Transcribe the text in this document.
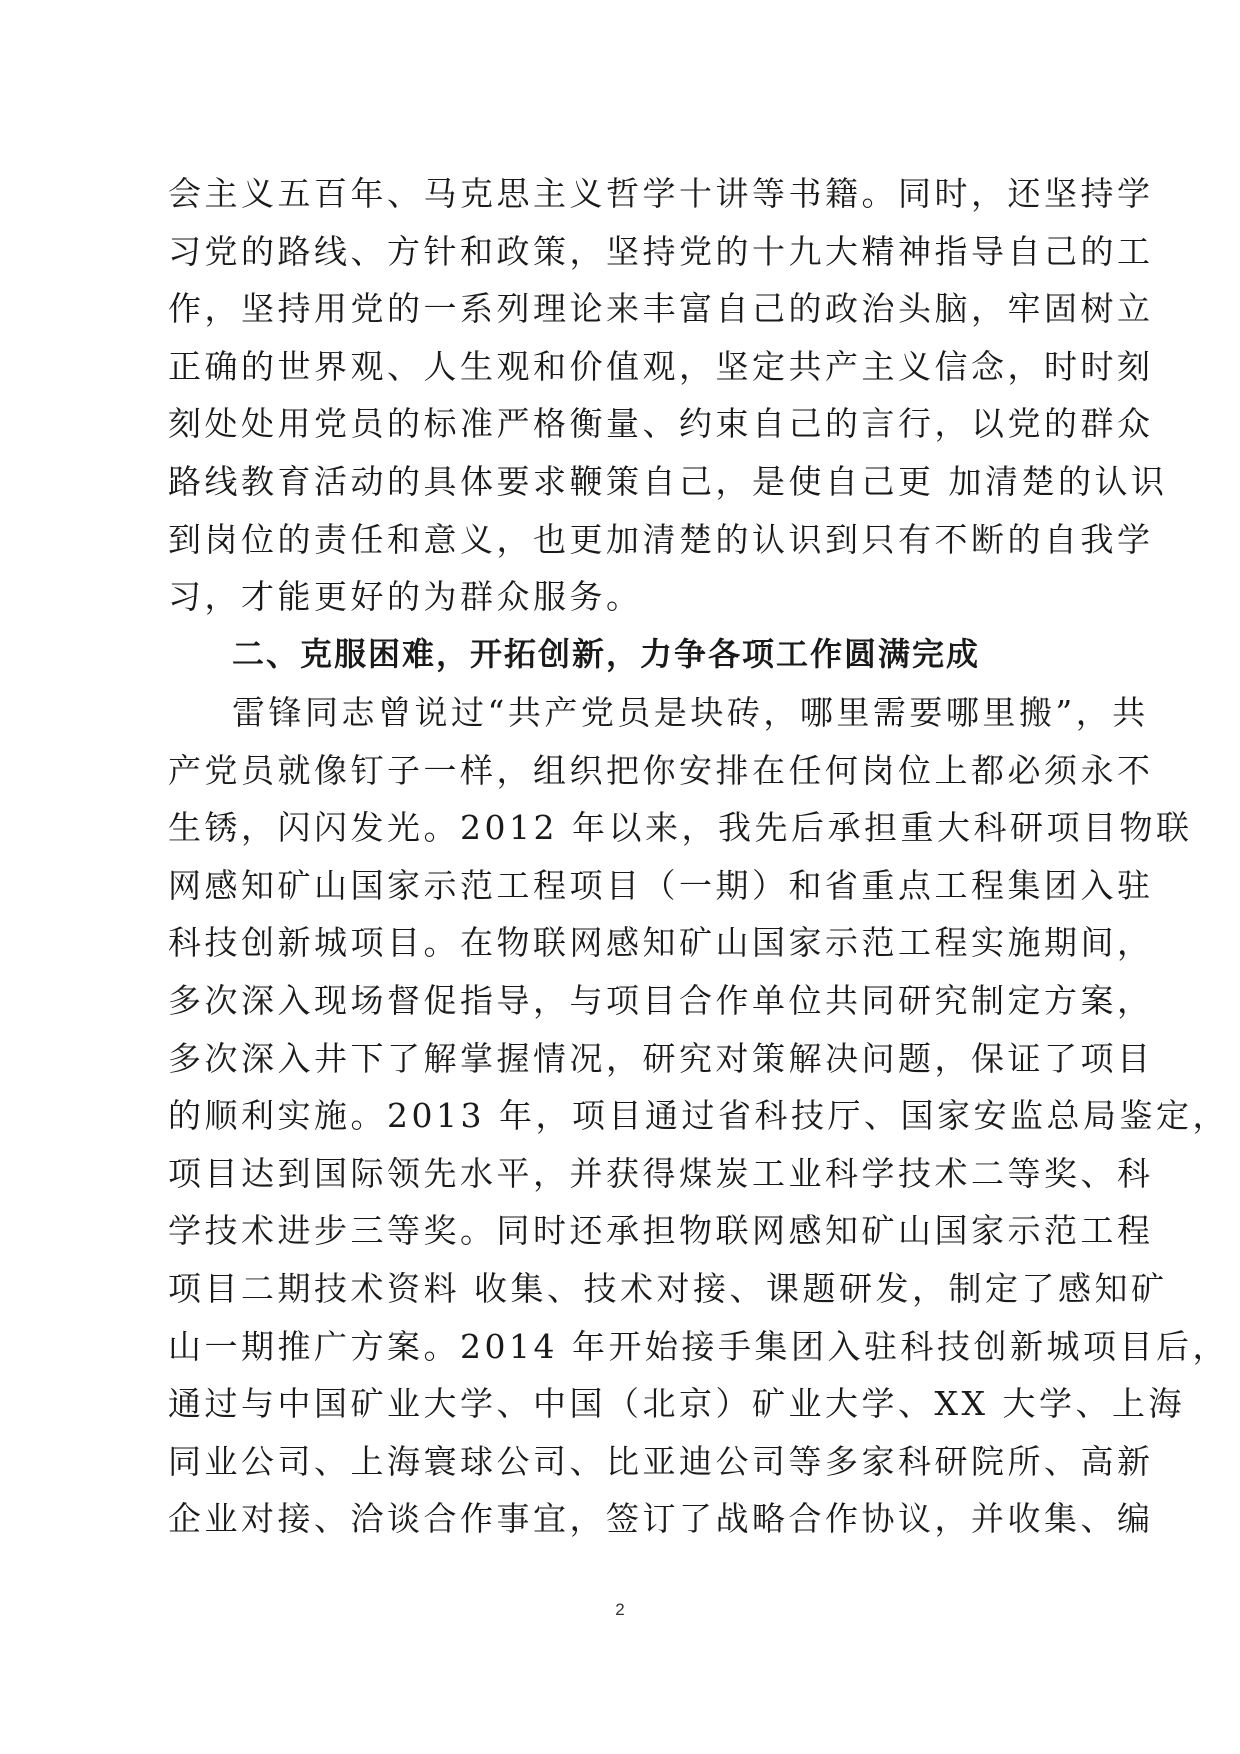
会主义五百年、马克思主义哲学十讲等书籍。同时，还坚持学
习党的路线、方针和政策，坚持党的十九大精神指导自己的工
作，坚持用党的一系列理论来丰富自己的政治头脑，牢固树立
正确的世界观、人生观和价值观，坚定共产主义信念，时时刻
刻处处用党员的标准严格衡量、约束自己的言行，以党的群众
路线教育活动的具体要求鞭策自己，是使自己更 加清楚的认识
到岗位的责任和意义，也更加清楚的认识到只有不断的自我学
习，才能更好的为群众服务。
二、克服困难，开拓创新，力争各项工作圆满完成
雷锋同志曾说过“共产党员是块砖，哪里需要哪里搬”，共
产党员就像钉子一样，组织把你安排在任何岗位上都必须永不
生锈，闪闪发光。2012 年以来，我先后承担重大科研项目物联
网感知矿山国家示范工程项目（一期）和省重点工程集团入驻
科技创新城项目。在物联网感知矿山国家示范工程实施期间，
多次深入现场督促指导，与项目合作单位共同研究制定方案，
多次深入井下了解掌握情况，研究对策解决问题，保证了项目
的顺利实施。2013 年，项目通过省科技厅、国家安监总局鉴定，
项目达到国际领先水平，并获得煤炭工业科学技术二等奖、科
学技术进步三等奖。同时还承担物联网感知矿山国家示范工程
项目二期技术资料 收集、技术对接、课题研发，制定了感知矿
山一期推广方案。2014 年开始接手集团入驻科技创新城项目后，
通过与中国矿业大学、中国（北京）矿业大学、XX 大学、上海
同业公司、上海寰球公司、比亚迪公司等多家科研院所、高新
企业对接、洽谈合作事宜，签订了战略合作协议，并收集、编
2
